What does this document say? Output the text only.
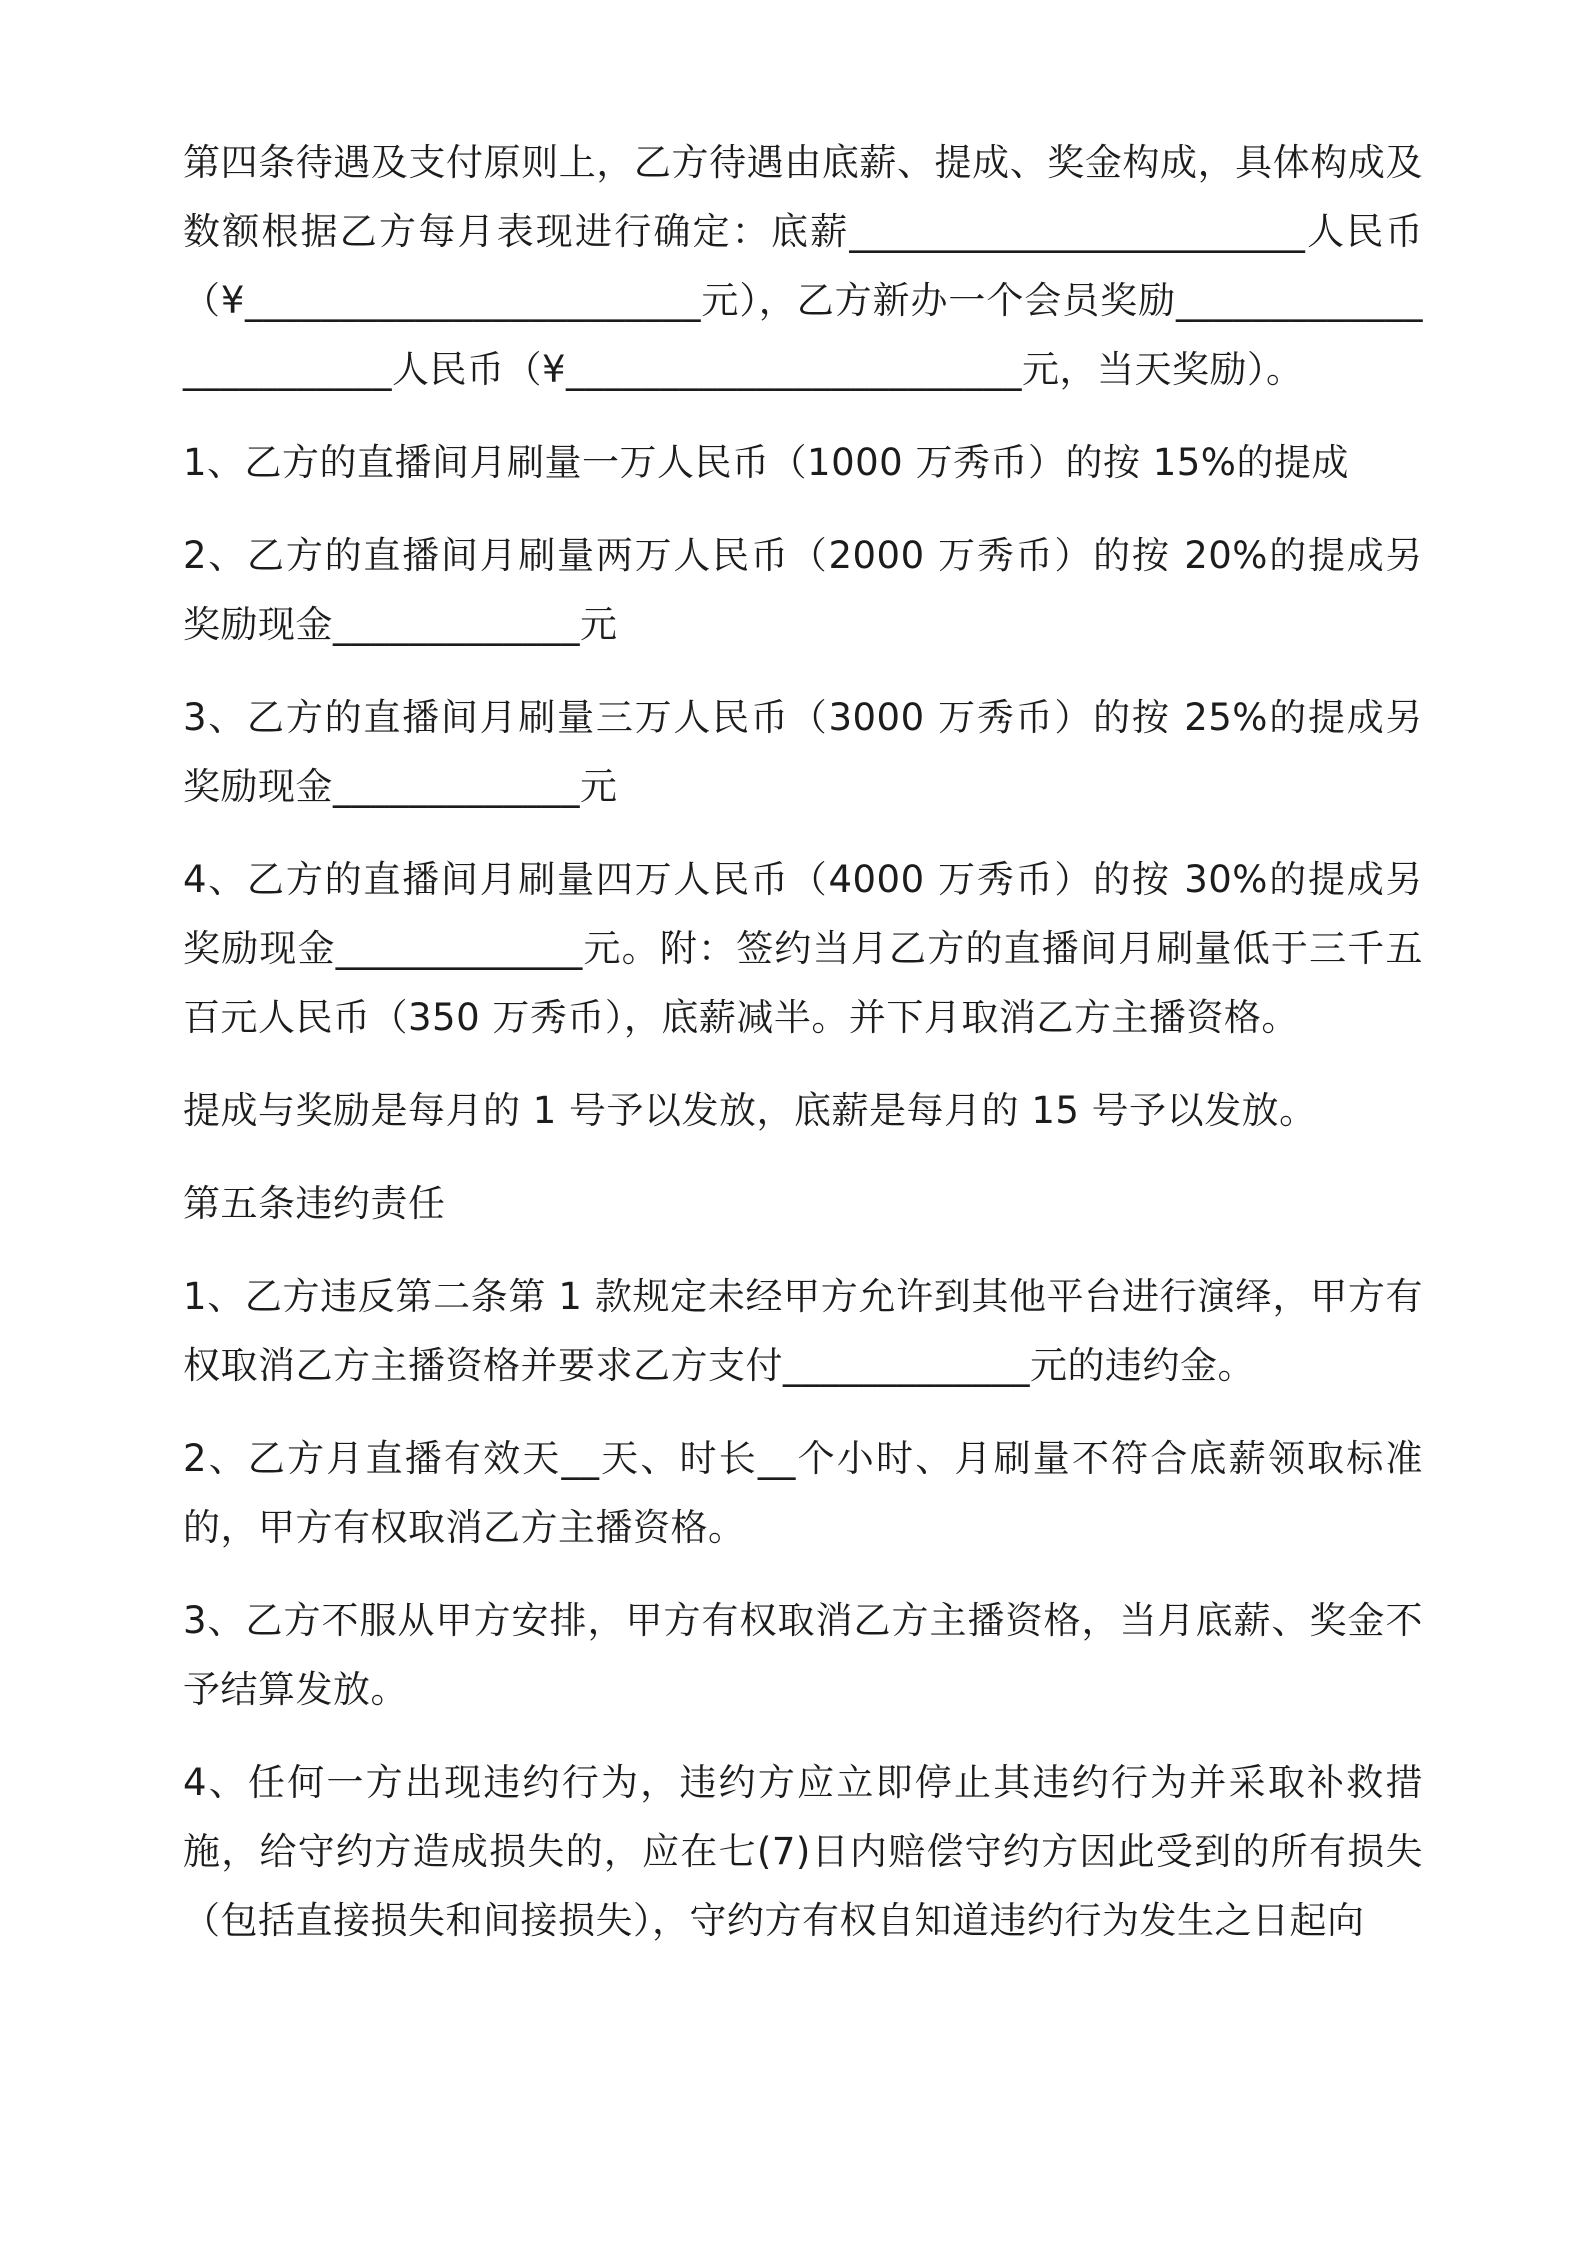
第四条待遇及支付原则上，乙方待遇由底薪、提成、奖金构成，具体构成及数额根据乙方每月表现进行确定：底薪________________________人民币（¥________________________元），乙方新办一个会员奖励________________________人民币（¥________________________元，当天奖励）。

1、乙方的直播间月刷量一万人民币（1000 万秀币）的按 15%的提成

2、乙方的直播间月刷量两万人民币（2000 万秀币）的按 20%的提成另奖励现金_____________元

3、乙方的直播间月刷量三万人民币（3000 万秀币）的按 25%的提成另奖励现金_____________元

4、乙方的直播间月刷量四万人民币（4000 万秀币）的按 30%的提成另奖励现金_____________元。附：签约当月乙方的直播间月刷量低于三千五百元人民币（350 万秀币），底薪减半。并下月取消乙方主播资格。

提成与奖励是每月的 1 号予以发放，底薪是每月的 15 号予以发放。

第五条违约责任

1、乙方违反第二条第 1 款规定未经甲方允许到其他平台进行演绎，甲方有权取消乙方主播资格并要求乙方支付_____________元的违约金。

2、乙方月直播有效天__天、时长__个小时、月刷量不符合底薪领取标准的，甲方有权取消乙方主播资格。

3、乙方不服从甲方安排，甲方有权取消乙方主播资格，当月底薪、奖金不予结算发放。

4、任何一方出现违约行为，违约方应立即停止其违约行为并采取补救措施，给守约方造成损失的，应在七(7)日内赔偿守约方因此受到的所有损失（包括直接损失和间接损失），守约方有权自知道违约行为发生之日起向
